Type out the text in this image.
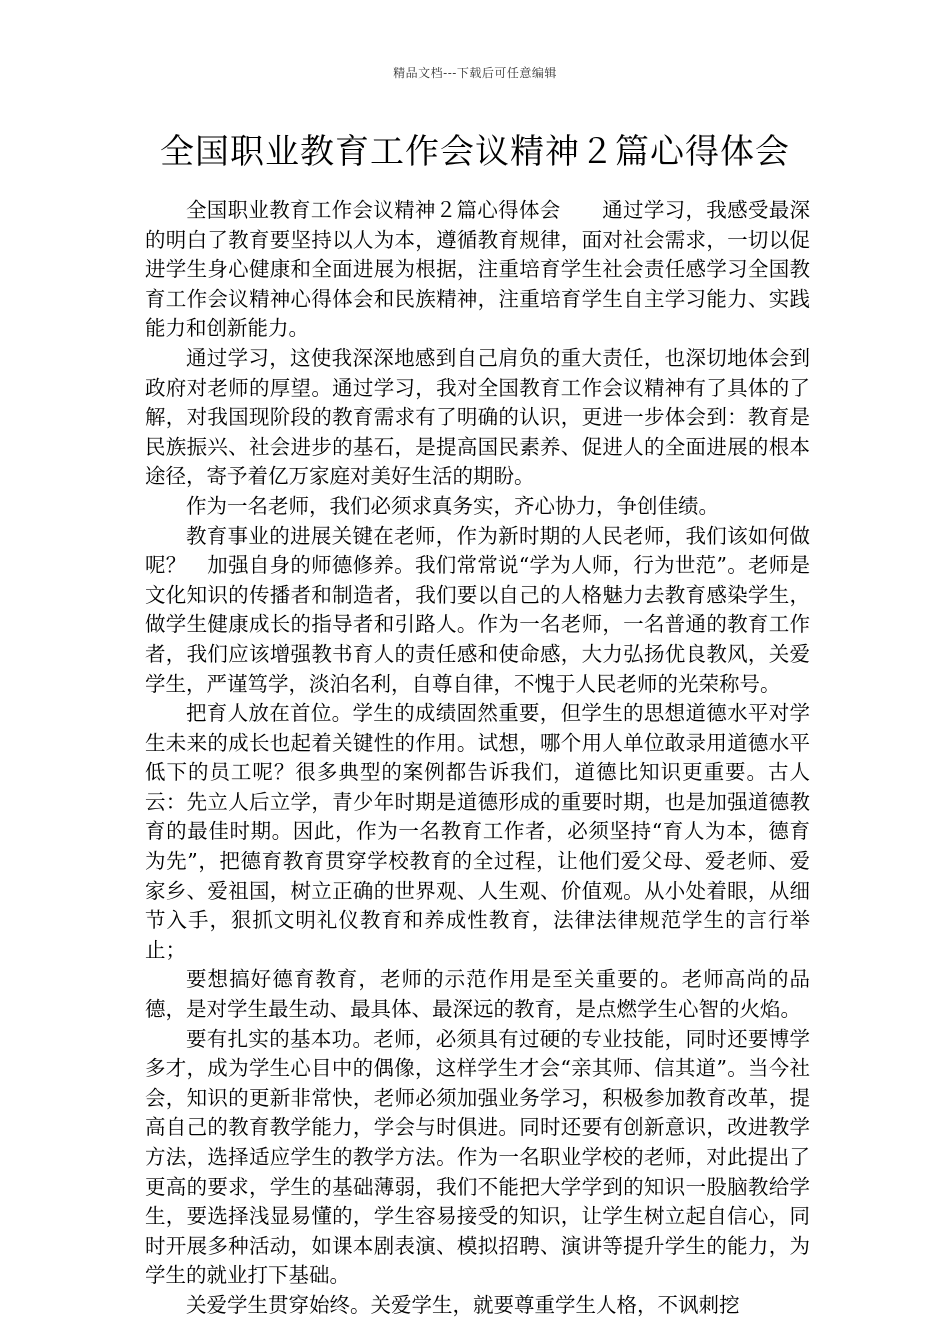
精品文档---下载后可任意编辑
全国职业教育工作会议精神２篇心得体会

全国职业教育工作会议精神２篇心得体会　　通过学习，我感受最深的明白了教育要坚持以人为本，遵循教育规律，面对社会需求，一切以促进学生身心健康和全面进展为根据，注重培育学生社会责任感学习全国教育工作会议精神心得体会和民族精神，注重培育学生自主学习能力、实践能力和创新能力。

通过学习，这使我深深地感到自己肩负的重大责任，也深切地体会到政府对老师的厚望。通过学习，我对全国教育工作会议精神有了具体的了解，对我国现阶段的教育需求有了明确的认识，更进一步体会到：教育是民族振兴、社会进步的基石，是提高国民素养、促进人的全面进展的根本途径，寄予着亿万家庭对美好生活的期盼。

作为一名老师，我们必须求真务实，齐心协力，争创佳绩。

教育事业的进展关键在老师，作为新时期的人民老师，我们该如何做呢？　加强自身的师德修养。我们常常说“学为人师，行为世范”。老师是文化知识的传播者和制造者，我们要以自己的人格魅力去教育感染学生，做学生健康成长的指导者和引路人。作为一名老师，一名普通的教育工作者，我们应该增强教书育人的责任感和使命感，大力弘扬优良教风，关爱学生，严谨笃学，淡泊名利，自尊自律，不愧于人民老师的光荣称号。

把育人放在首位。学生的成绩固然重要，但学生的思想道德水平对学生未来的成长也起着关键性的作用。试想，哪个用人单位敢录用道德水平低下的员工呢？很多典型的案例都告诉我们，道德比知识更重要。古人云：先立人后立学，青少年时期是道德形成的重要时期，也是加强道德教育的最佳时期。因此，作为一名教育工作者，必须坚持“育人为本，德育为先”，把德育教育贯穿学校教育的全过程，让他们爱父母、爱老师、爱家乡、爱祖国，树立正确的世界观、人生观、价值观。从小处着眼，从细节入手，狠抓文明礼仪教育和养成性教育，法律法律规范学生的言行举止；

要想搞好德育教育，老师的示范作用是至关重要的。老师高尚的品德，是对学生最生动、最具体、最深远的教育，是点燃学生心智的火焰。

要有扎实的基本功。老师，必须具有过硬的专业技能，同时还要博学多才，成为学生心目中的偶像，这样学生才会“亲其师、信其道”。当今社会，知识的更新非常快，老师必须加强业务学习，积极参加教育改革，提高自己的教育教学能力，学会与时俱进。同时还要有创新意识，改进教学方法，选择适应学生的教学方法。作为一名职业学校的老师，对此提出了更高的要求，学生的基础薄弱，我们不能把大学学到的知识一股脑教给学生，要选择浅显易懂的，学生容易接受的知识，让学生树立起自信心，同时开展多种活动，如课本剧表演、模拟招聘、演讲等提升学生的能力，为学生的就业打下基础。

关爱学生贯穿始终。关爱学生，就要尊重学生人格，不讽刺挖
